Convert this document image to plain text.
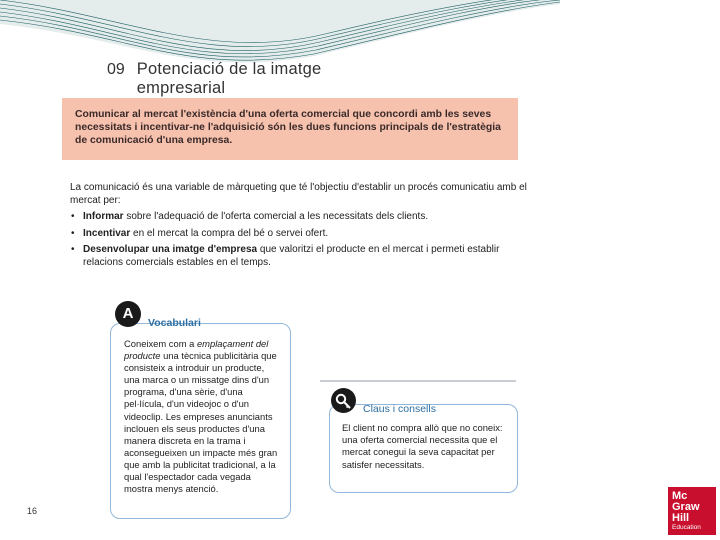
09 Potenciació de la imatge empresarial
Comunicar al mercat l'existència d'una oferta comercial que concordi amb les seves necessitats i incentivar-ne l'adquisició són les dues funcions principals de l'estratègia de comunicació d'una empresa.
La comunicació és una variable de màrqueting que té l'objectiu d'establir un procés comunicatiu amb el mercat per:
• Informar sobre l'adequació de l'oferta comercial a les necessitats dels clients.
• Incentivar en el mercat la compra del bé o servei ofert.
• Desenvolupar una imatge d'empresa que valoritzi el producte en el mercat i permeti establir relacions comercials estables en el temps.

Coneixem com a emplaçament del producte una tècnica publicitària que consisteix a introduir un producte, una marca o un missatge dins d'un programa, d'una sèrie, d'una pel·lícula, d'un videojoc o d'un videoclip. Les empreses anunciants inclouen els seus productes d'una manera discreta en la trama i aconsegueixen un impacte més gran que amb la publicitat tradicional, a la qual l'espectador cada vegada mostra menys atenció.

A
Vocabulari

El client no compra allò que no coneix: una oferta comercial necessita que el mercat conegui la seva capacitat per satisfer necessitats.

Claus i consells
16
Mc
Graw
Hill
Education
